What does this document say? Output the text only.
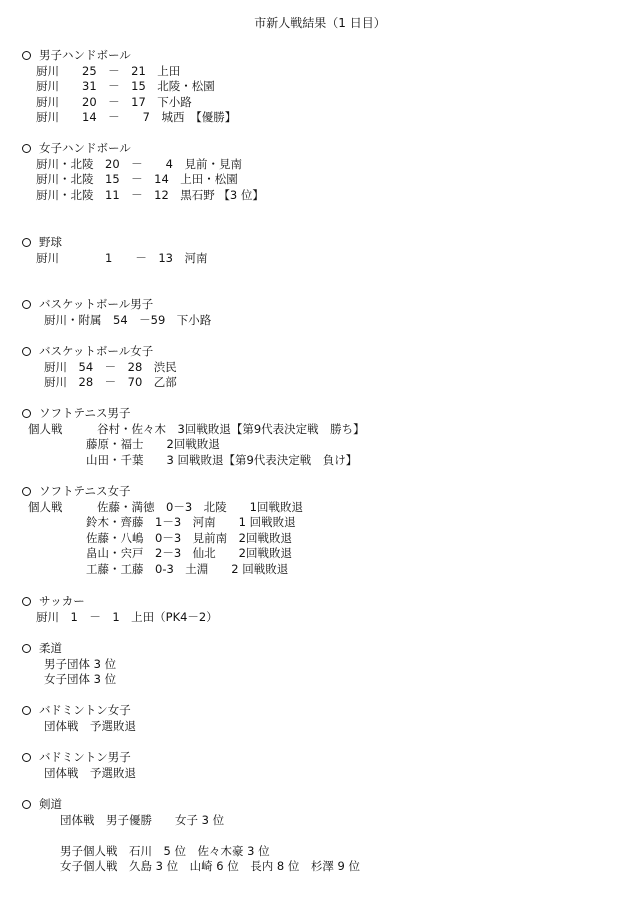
市新人戦結果（1 日目）
男子ハンドボール
厨川　　25　－　21　上田
厨川　　31　－　15　北陵・松園
厨川　　20　－　17　下小路
厨川　　14　－　　7　城西　【優勝】
女子ハンドボール
厨川・北陵　20　－　　4　見前・見南
厨川・北陵　15　－　14　上田・松園
厨川・北陵　11　－　12　黒石野 【3 位】
野球
厨川　　　　1　　－　13　河南
バスケットボール男子
厨川・附属　54　－59　下小路
バスケットボール女子
厨川　54　－　28　渋民
厨川　28　－　70　乙部
ソフトテニス男子
個人戦　　　谷村・佐々木　3回戦敗退【第9代表決定戦　勝ち】
藤原・福士　　2回戦敗退
山田・千葉　　3 回戦敗退【第9代表決定戦　負け】
ソフトテニス女子
個人戦　　　佐藤・満徳　0－3　北陵　　1回戦敗退
鈴木・齊藤　1－3　河南　　1 回戦敗退
佐藤・八嶋　0－3　見前南　2回戦敗退
畠山・宍戸　2－3　仙北　　2回戦敗退
工藤・工藤　0-3　土淵　　2 回戦敗退
サッカー
厨川　1　－　1　上田（PK4－2）
柔道
男子団体 3 位
女子団体 3 位
バドミントン女子
団体戦　予選敗退
バドミントン男子
団体戦　予選敗退
剣道
団体戦　男子優勝　　女子 3 位
男子個人戦　石川　5 位　佐々木豪 3 位
女子個人戦　久島 3 位　山崎 6 位　長内 8 位　杉澤 9 位
